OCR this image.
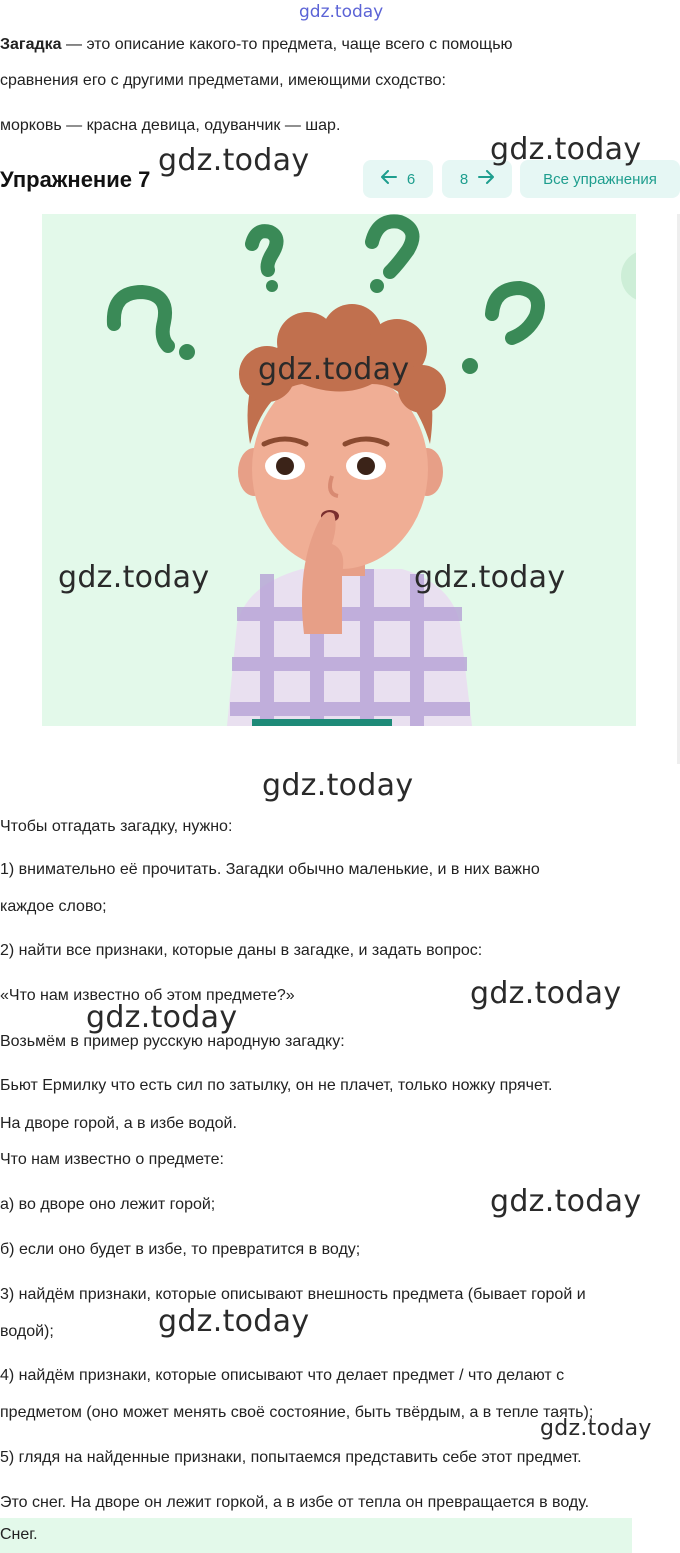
gdz.today
Загадка — это описание какого-то предмета, чаще всего с помощью
сравнения его с другими предметами, имеющими сходство:
морковь — красна девица, одуванчик — шар.
Упражнение 7	6	8	Все упражнения
Чтобы отгадать загадку, нужно:
1) внимательно её прочитать. Загадки обычно маленькие, и в них важно
каждое слово;
2) найти все признаки, которые даны в загадке, и задать вопрос:
«Что нам известно об этом предмете?»
Возьмём в пример русскую народную загадку:
Бьют Ермилку что есть сил по затылку, он не плачет, только ножку прячет.
На дворе горой, а в избе водой.
Что нам известно о предмете:
а) во дворе оно лежит горой;
б) если оно будет в избе, то превратится в воду;
3) найдём признаки, которые описывают внешность предмета (бывает горой и
водой);
4) найдём признаки, которые описывают что делает предмет / что делают с
предметом (оно может менять своё состояние, быть твёрдым, а в тепле таять);
5) глядя на найденные признаки, попытаемся представить себе этот предмет.
Это снег. На дворе он лежит горкой, а в избе от тепла он превращается в воду.
Снег.
gdz.today	gdz.today
gdz.today
gdz.today	gdz.today
gdz.today
gdz.today
gdz.today
gdz.today
gdz.today
gdz.today
